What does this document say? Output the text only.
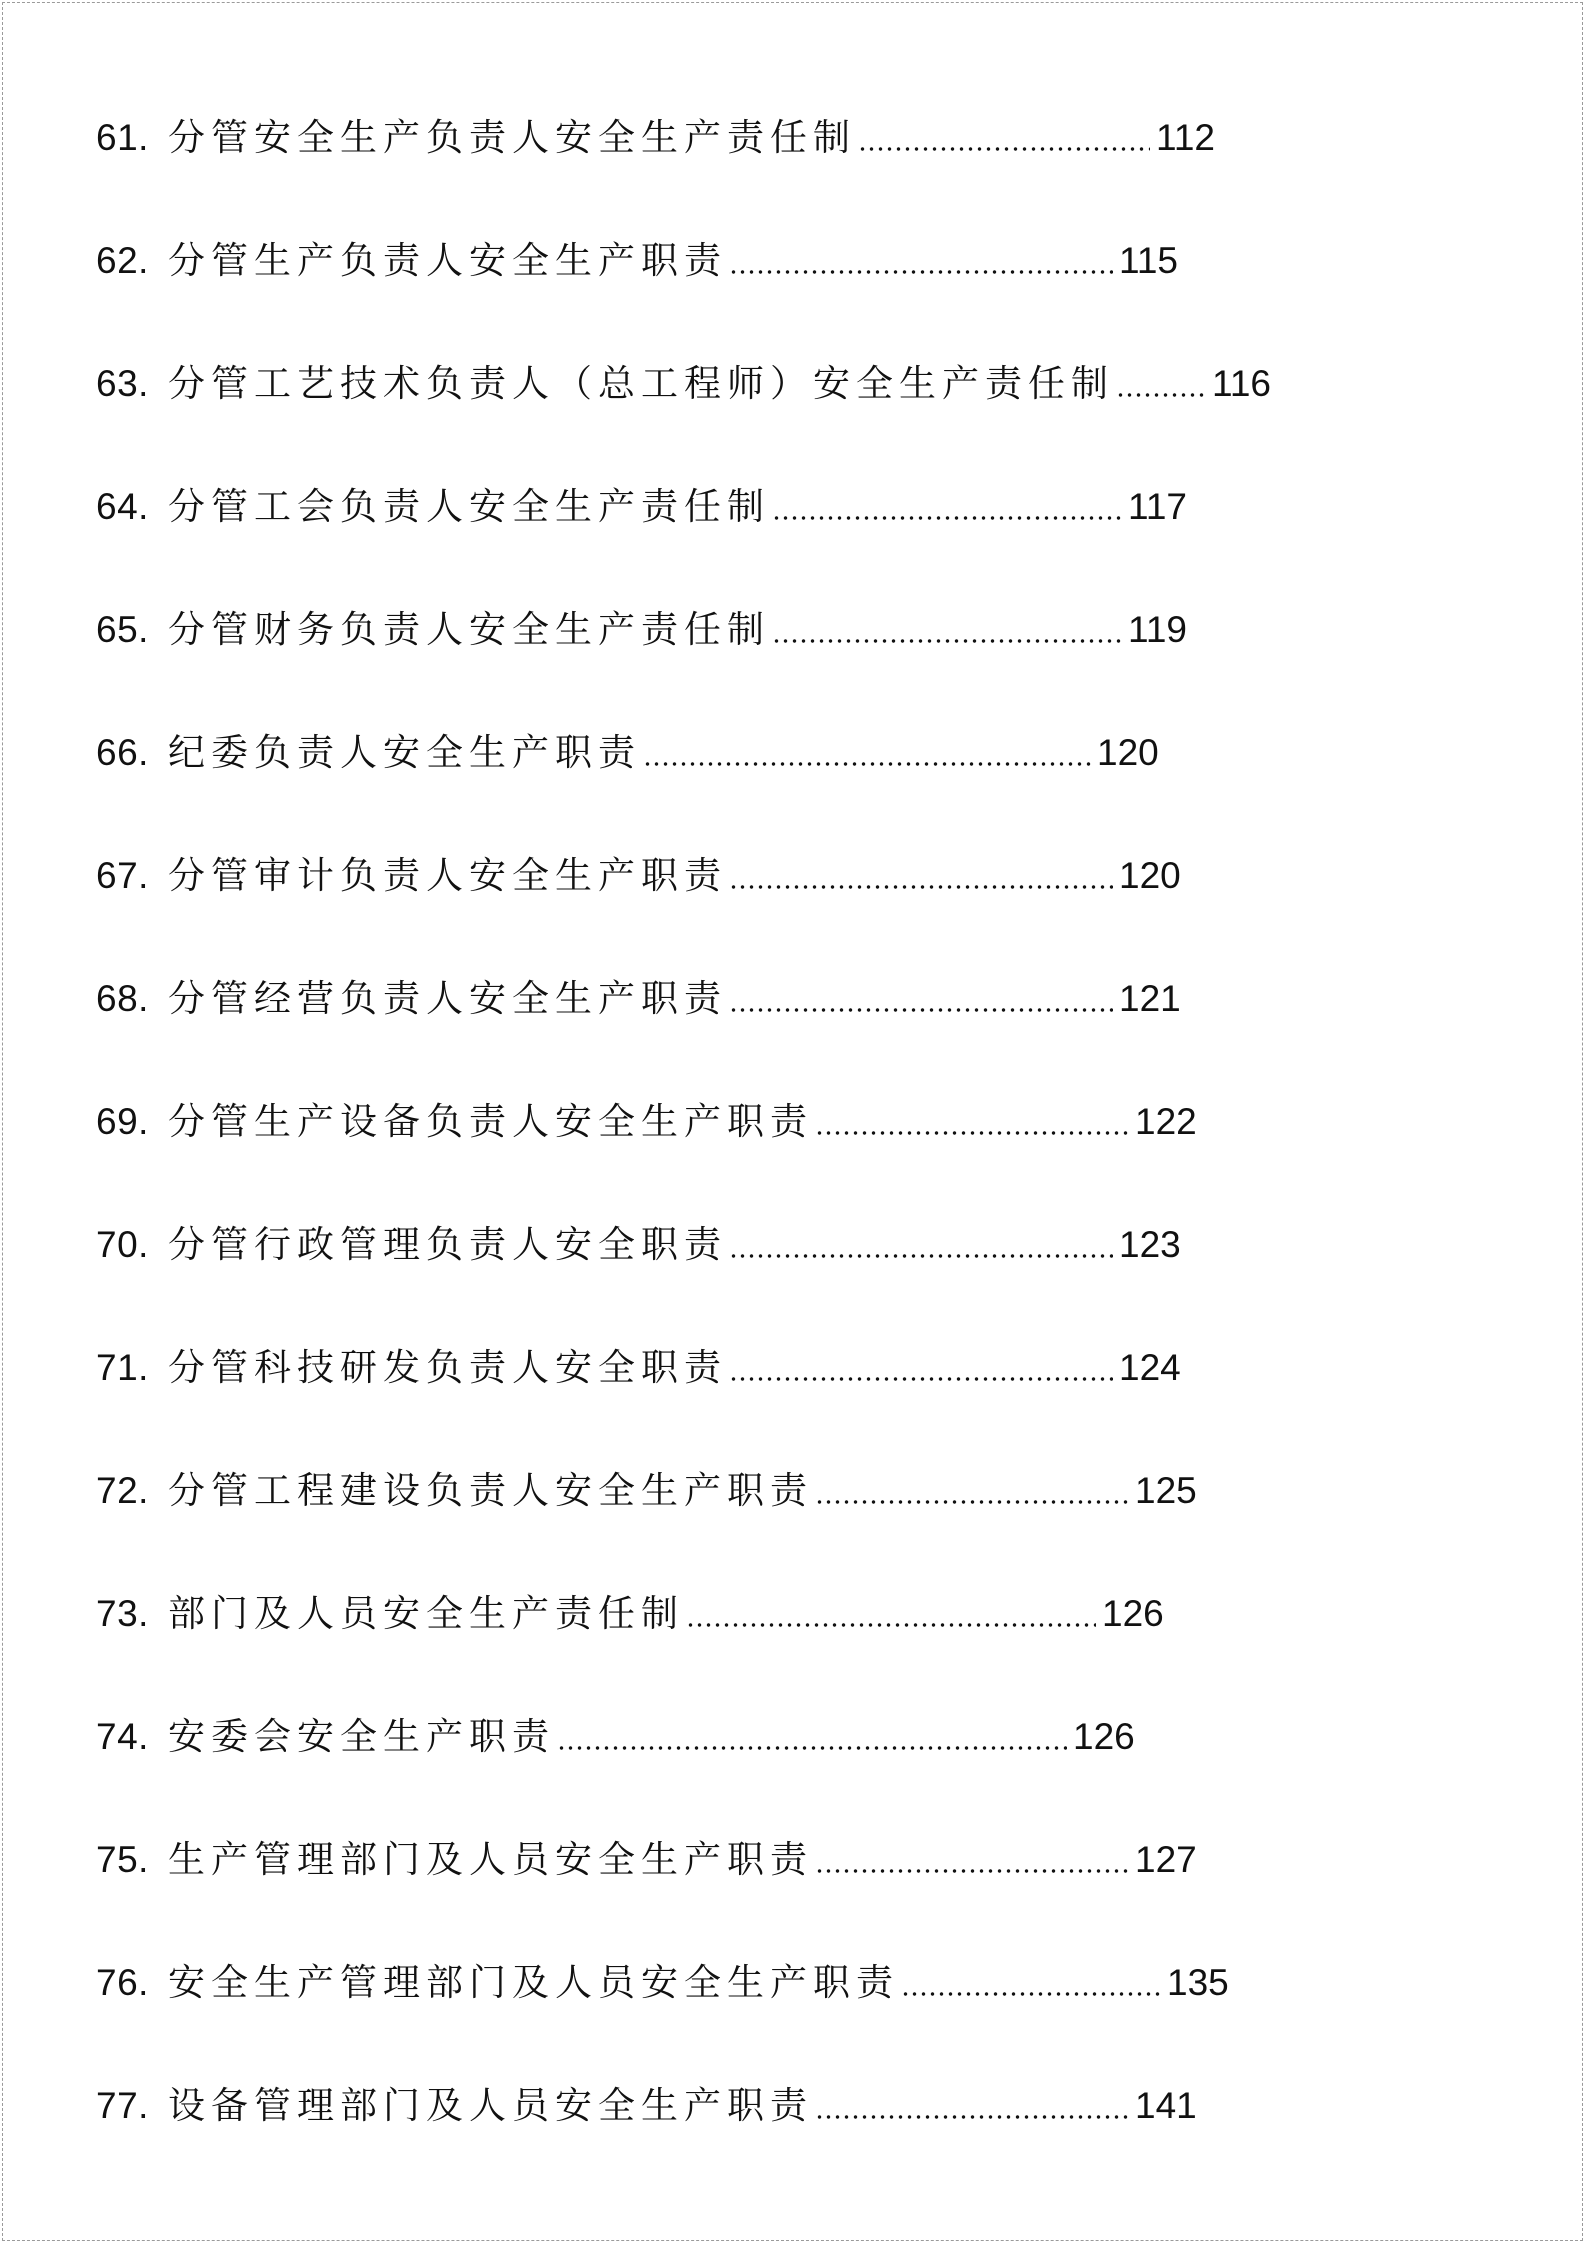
61. 分管安全生产负责人安全生产责任制	112
62. 分管生产负责人安全生产职责	115
63. 分管工艺技术负责人（总工程师）安全生产责任制	116
64. 分管工会负责人安全生产责任制	117
65. 分管财务负责人安全生产责任制	119
66. 纪委负责人安全生产职责	120
67. 分管审计负责人安全生产职责	120
68. 分管经营负责人安全生产职责	121
69. 分管生产设备负责人安全生产职责	122
70. 分管行政管理负责人安全职责	123
71. 分管科技研发负责人安全职责	124
72. 分管工程建设负责人安全生产职责	125
73. 部门及人员安全生产责任制	126
74. 安委会安全生产职责	126
75. 生产管理部门及人员安全生产职责	127
76. 安全生产管理部门及人员安全生产职责	135
77. 设备管理部门及人员安全生产职责	141
